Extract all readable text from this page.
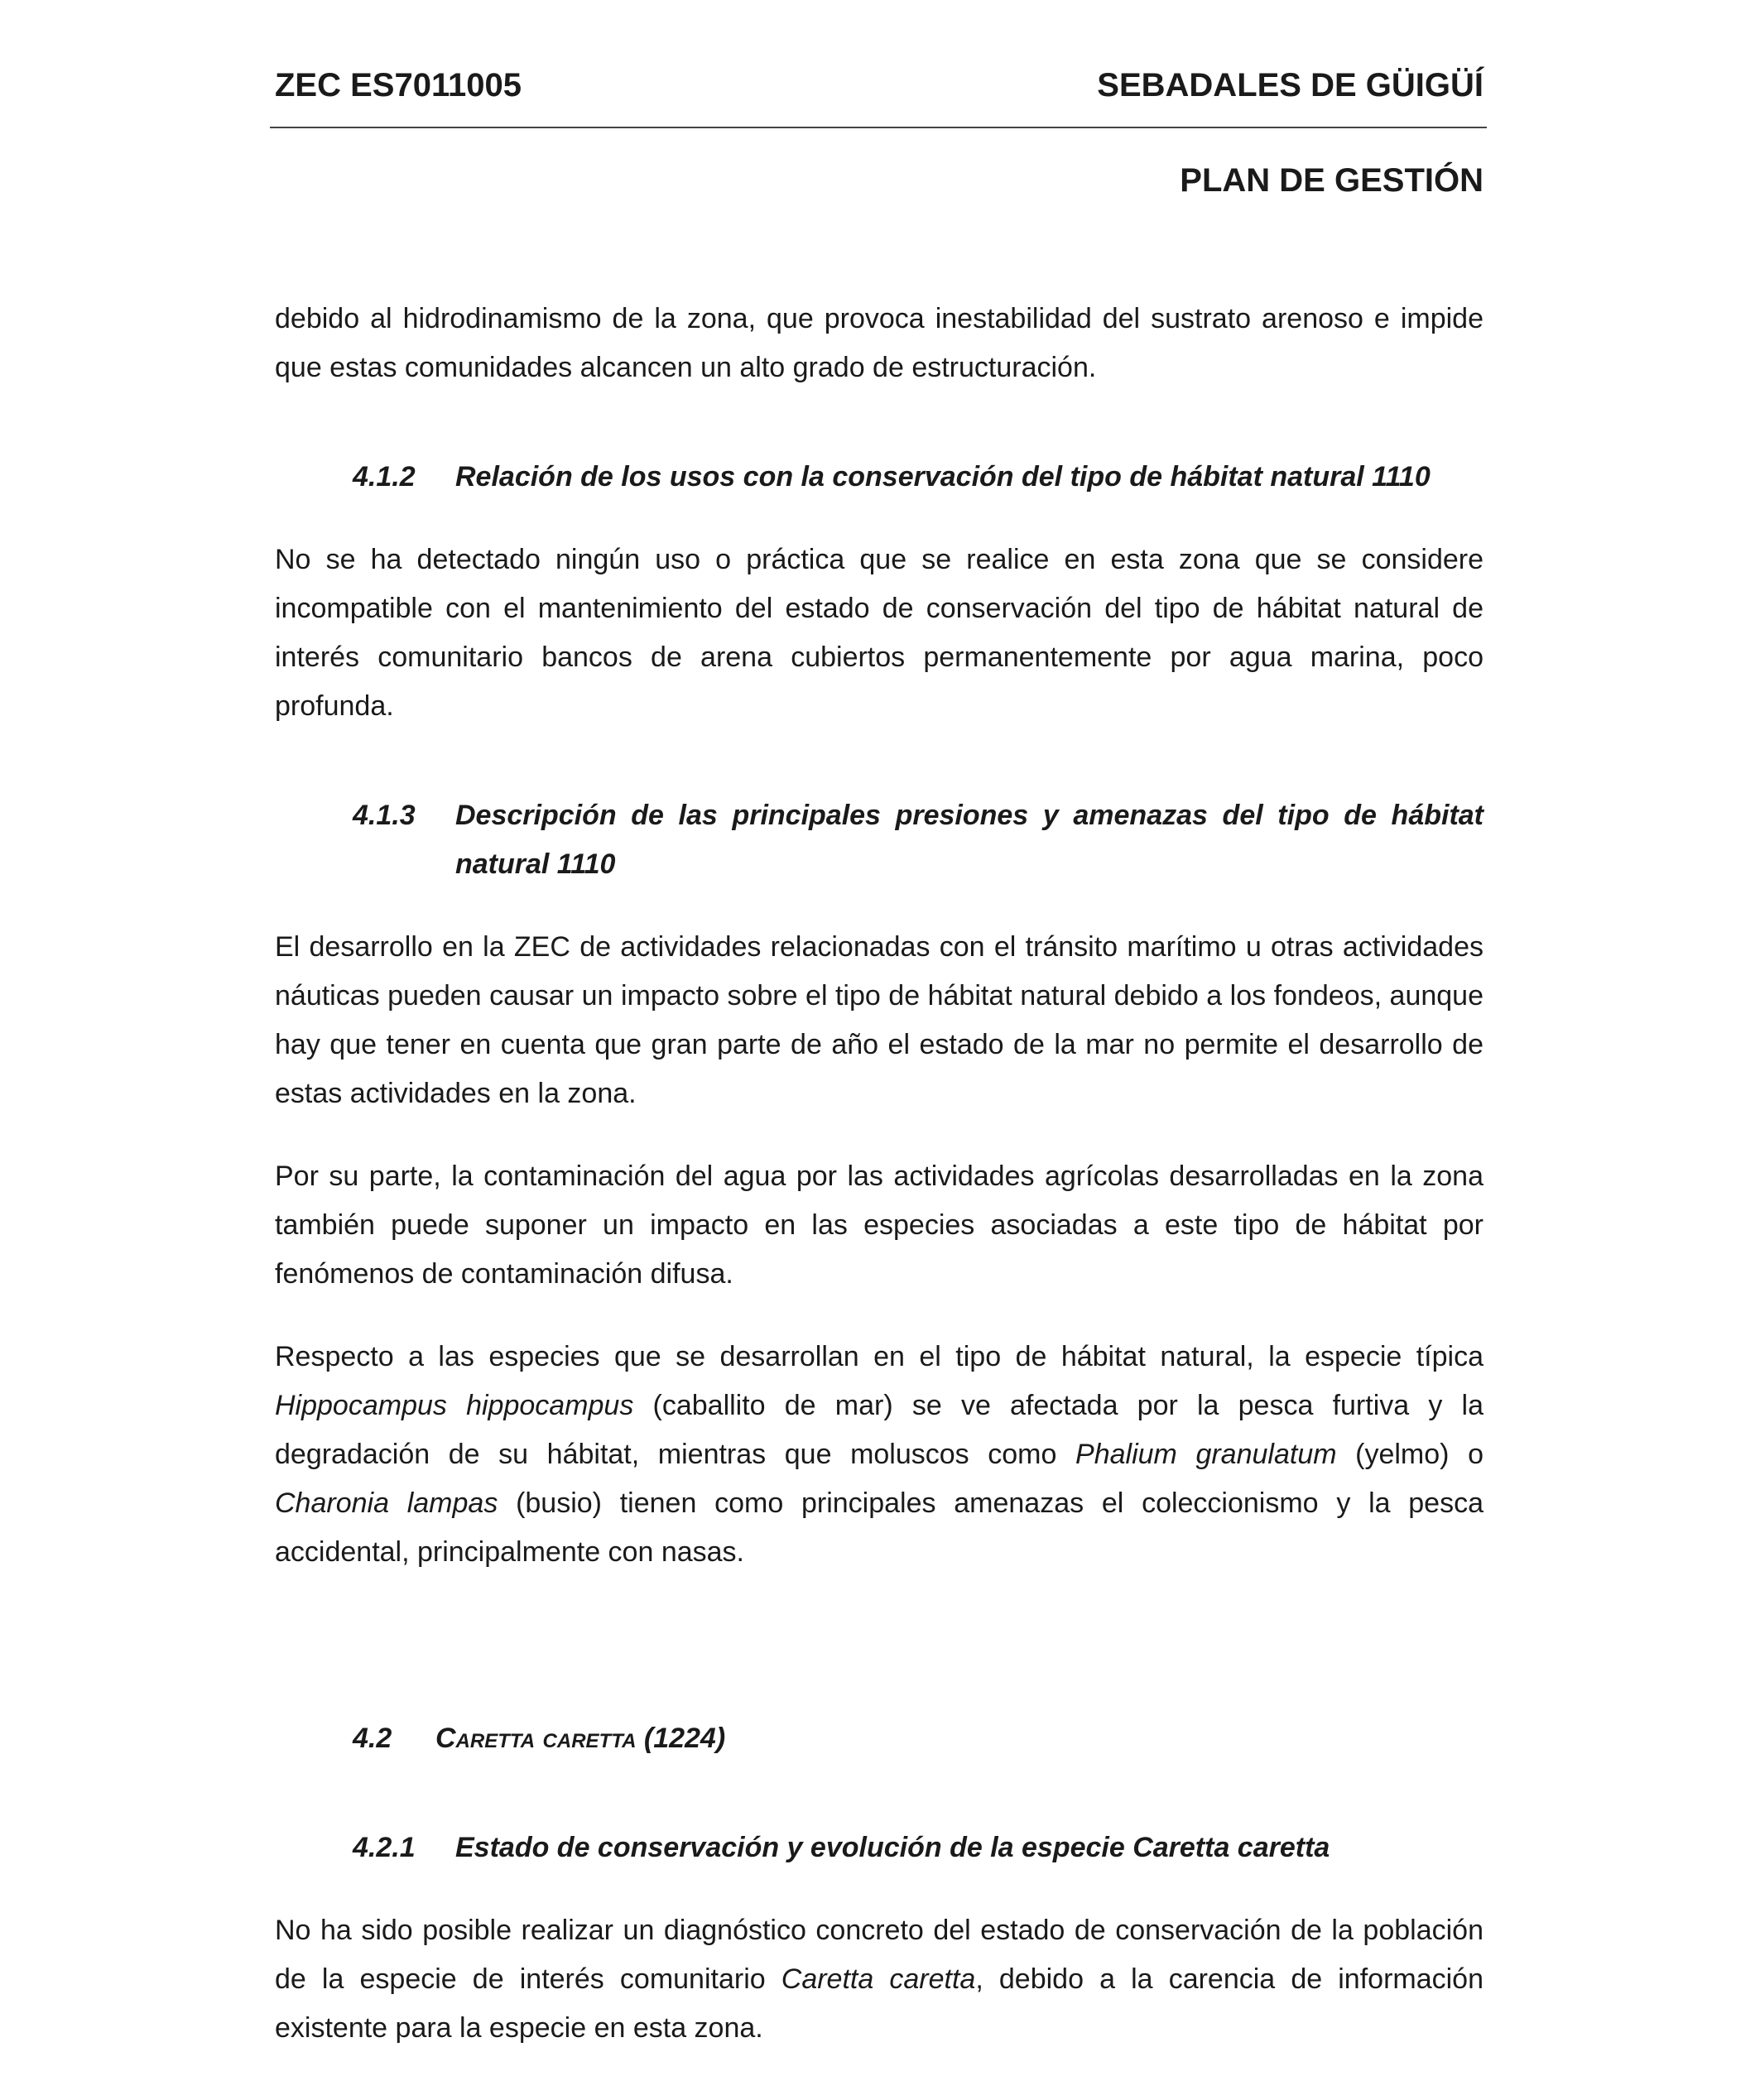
ZEC ES7011005	SEBADALES DE GÜIGÜÍ
PLAN DE GESTIÓN

debido al hidrodinamismo de la zona, que provoca inestabilidad del sustrato arenoso e impide que estas comunidades alcancen un alto grado de estructuración.

4.1.2 Relación de los usos con la conservación del tipo de hábitat natural 1110

No se ha detectado ningún uso o práctica que se realice en esta zona que se considere incompatible con el mantenimiento del estado de conservación del tipo de hábitat natural de interés comunitario bancos de arena cubiertos permanentemente por agua marina, poco profunda.

4.1.3 Descripción de las principales presiones y amenazas del tipo de hábitat natural 1110

El desarrollo en la ZEC de actividades relacionadas con el tránsito marítimo u otras actividades náuticas pueden causar un impacto sobre el tipo de hábitat natural debido a los fondeos, aunque hay que tener en cuenta que gran parte de año el estado de la mar no permite el desarrollo de estas actividades en la zona.

Por su parte, la contaminación del agua por las actividades agrícolas desarrolladas en la zona también puede suponer un impacto en las especies asociadas a este tipo de hábitat por fenómenos de contaminación difusa.

Respecto a las especies que se desarrollan en el tipo de hábitat natural, la especie típica Hippocampus hippocampus (caballito de mar) se ve afectada por la pesca furtiva y la degradación de su hábitat, mientras que moluscos como Phalium granulatum (yelmo) o Charonia lampas (busio) tienen como principales amenazas el coleccionismo y la pesca accidental, principalmente con nasas.

4.2 Caretta caretta (1224)
4.2.1 Estado de conservación y evolución de la especie Caretta caretta

No ha sido posible realizar un diagnóstico concreto del estado de conservación de la población de la especie de interés comunitario Caretta caretta, debido a la carencia de información existente para la especie en esta zona.
